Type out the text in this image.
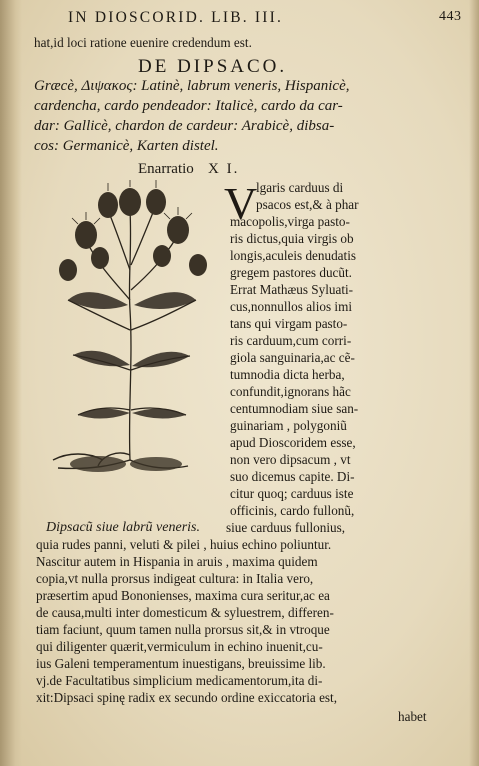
IN DIOSCORID. LIB. III.	443
hat,id loci ratione euenire credendum est.
DE DIPSACO.
Græcè, Διψακος: Latinè, labrum veneris, Hispanicè,
cardencha, cardo pendeador: Italicè, cardo da car-
dar: Gallicè, chardon de cardeur: Arabicè, dibsa-
cos: Germanicè, Karten distel.
Enarratio X I.
V
lgaris carduus di
psacos est,& à phar
macopolis,virga pasto-
ris dictus,quia virgis ob
longis,aculeis denudatis
gregem pastores ducũt.
Errat Mathæus Syluati-
cus,nonnullos alios imi
tans qui virgam pasto-
ris carduum,cum corri-
giola sanguinaria,ac cẽ-
tumnodia dicta herba,
confundit,ignorans hãc
centumnodiam siue san-
guinariam , polygoniũ
apud Dioscoridem esse,
non vero dipsacum , vt
suo dicemus capite. Di-
citur quoq; carduus iste
officinis, cardo fullonũ,
Dipsacũ siue labrũ veneris. siue carduus fullonius,
quia rudes panni, veluti & pilei , huius echino poliuntur.
Nascitur autem in Hispania in aruis , maxima quidem
copia,vt nulla prorsus indigeat cultura: in Italia vero,
præsertim apud Bononienses, maxima cura seritur,ac ea
de causa,multi inter domesticum & syluestrem, differen-
tiam faciunt, quum tamen nulla prorsus sit,& in vtroque
qui diligenter quærit,vermiculum in echino inuenit,cu-
ius Galeni temperamentum inuestigans, breuissime lib.
vj.de Facultatibus simplicium medicamentorum,ita di-
xit:Dipsaci spinę radix ex secundo ordine exiccatoria est,
habet
